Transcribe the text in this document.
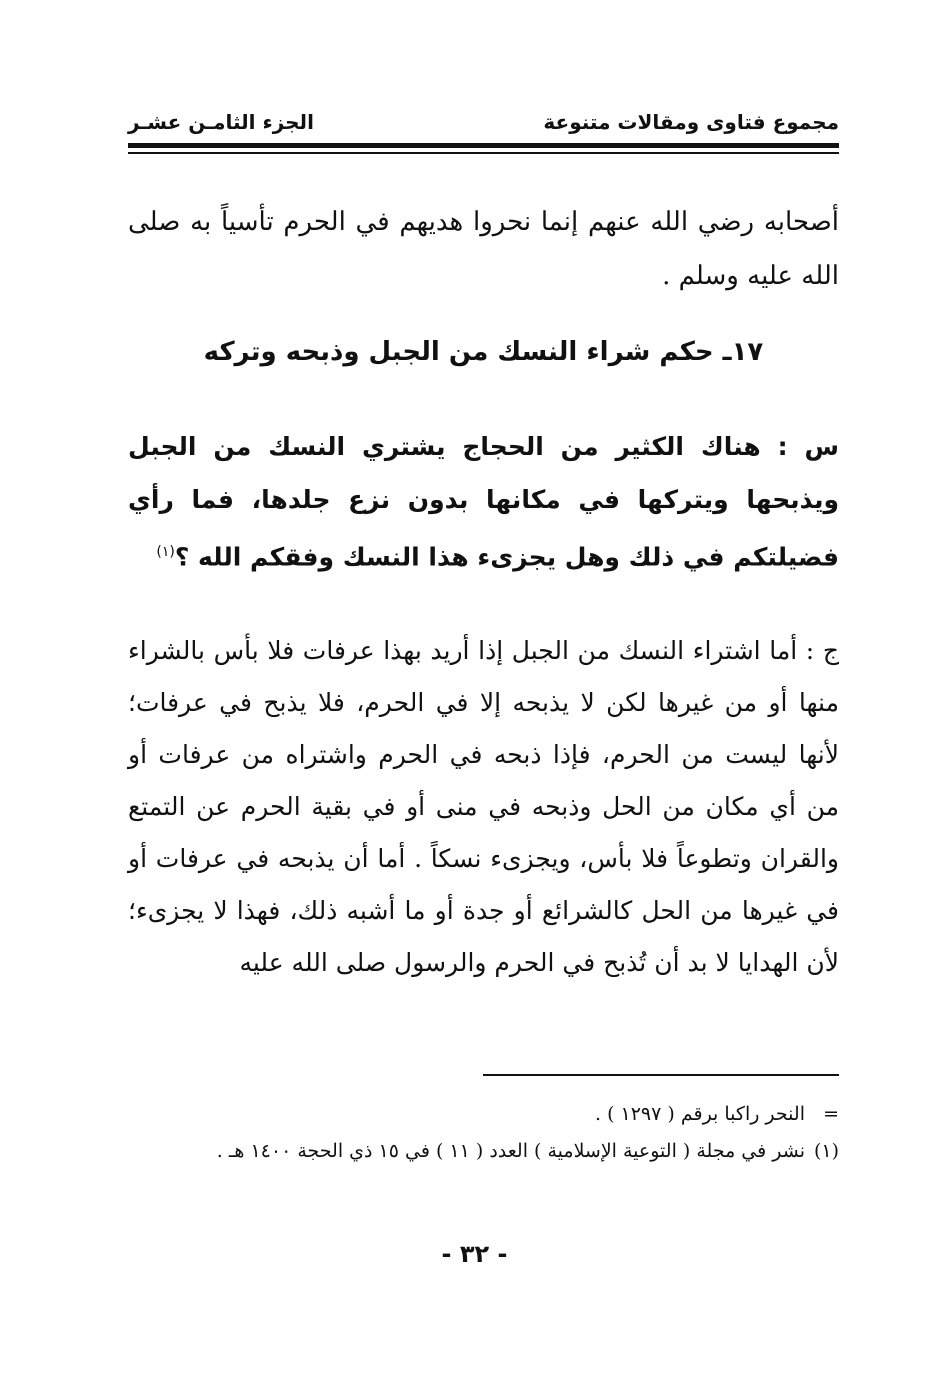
مجموع فتاوى ومقالات متنوعة
الجزء الثامـن عشـر

أصحابه رضي الله عنهم إنما نحروا هديهم في الحرم تأسياً به صلى الله عليه وسلم .

١٧ـ حكم شراء النسك من الجبل وذبحه وتركه

س : هناك الكثير من الحجاج يشتري النسك من الجبل ويذبحها ويتركها في مكانها بدون نزع جلدها، فما رأي فضيلتكم في ذلك وهل يجزىء هذا النسك وفقكم الله ؟$^{(١)}$

ج : أما اشتراء النسك من الجبل إذا أريد بهذا عرفات فلا بأس بالشراء منها أو من غيرها لكن لا يذبحه إلا في الحرم، فلا يذبح في عرفات؛ لأنها ليست من الحرم، فإذا ذبحه في الحرم واشتراه من عرفات أو من أي مكان من الحل وذبحه في منى أو في بقية الحرم عن التمتع والقران وتطوعاً فلا بأس، ويجزىء نسكاً . أما أن يذبحه في عرفات أو في غيرها من الحل كالشرائع أو جدة أو ما أشبه ذلك، فهذا لا يجزىء؛ لأن الهدايا لا بد أن تُذبح في الحرم والرسول صلى الله عليه

=
النحر راكبا برقم ( ١٢٩٧ ) .
(١)
نشر في مجلة ( التوعية الإسلامية ) العدد ( ١١ ) في ١٥ ذي الحجة ١٤٠٠ هـ .
- ٣٢ -
